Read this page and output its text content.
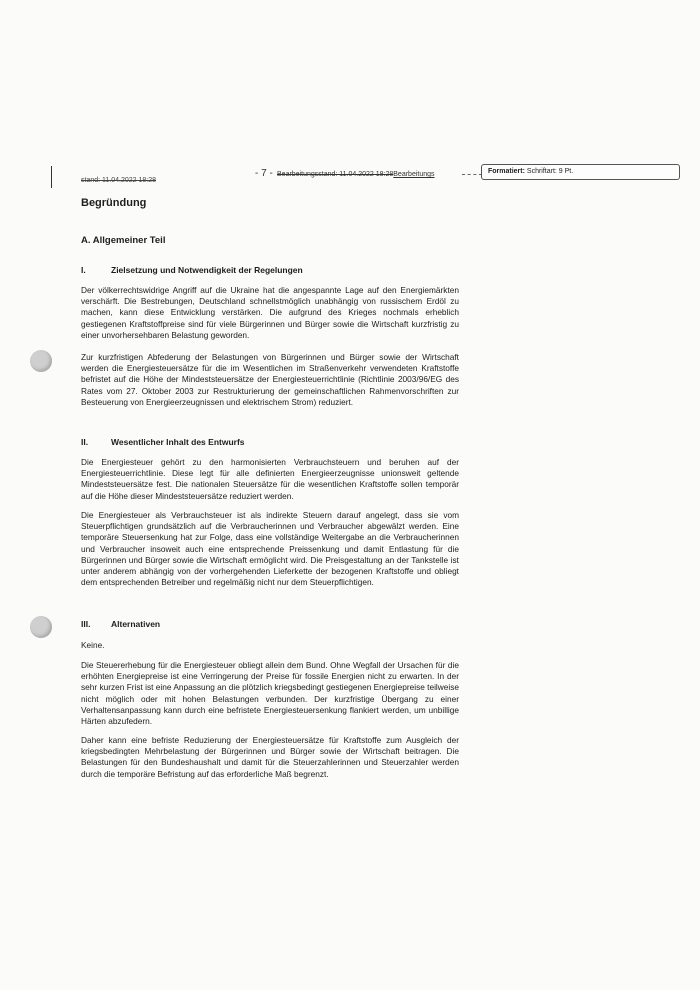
stand: 11.04.2022 18:28
- 7 - Bearbeitungsstand: 11.04.2022 18:28Bearbeitungs	Formatiert: Schriftart: 9 Pt.
Begründung
A. Allgemeiner Teil
I.	Zielsetzung und Notwendigkeit der Regelungen

Der völkerrechtswidrige Angriff auf die Ukraine hat die angespannte Lage auf den Energiemärkten verschärft. Die Bestrebungen, Deutschland schnellstmöglich unabhängig von russischem Erdöl zu machen, kann diese Entwicklung verstärken. Die aufgrund des Krieges nochmals erheblich gestiegenen Kraftstoffpreise sind für viele Bürgerinnen und Bürger sowie die Wirtschaft kurzfristig zu einer unvorhersehbaren Belastung geworden.

Zur kurzfristigen Abfederung der Belastungen von Bürgerinnen und Bürger sowie der Wirtschaft werden die Energiesteuersätze für die im Wesentlichen im Straßenverkehr verwendeten Kraftstoffe befristet auf die Höhe der Mindeststeuersätze der Energiesteuerrichtlinie (Richtlinie 2003/96/EG des Rates vom 27. Oktober 2003 zur Restrukturierung der gemeinschaftlichen Rahmenvorschriften zur Besteuerung von Energieerzeugnissen und elektrischem Strom) reduziert.

II.	Wesentlicher Inhalt des Entwurfs

Die Energiesteuer gehört zu den harmonisierten Verbrauchsteuern und beruhen auf der Energiesteuerrichtlinie. Diese legt für alle definierten Energieerzeugnisse unionsweit geltende Mindeststeuersätze fest. Die nationalen Steuersätze für die wesentlichen Kraftstoffe sollen temporär auf die Höhe dieser Mindeststeuersätze reduziert werden.

Die Energiesteuer als Verbrauchsteuer ist als indirekte Steuern darauf angelegt, dass sie vom Steuerpflichtigen grundsätzlich auf die Verbraucherinnen und Verbraucher abgewälzt werden. Eine temporäre Steuersenkung hat zur Folge, dass eine vollständige Weitergabe an die Verbraucherinnen und Verbraucher insoweit auch eine entsprechende Preissenkung und damit Entlastung für die Bürgerinnen und Bürger sowie die Wirtschaft ermöglicht wird. Die Preisgestaltung an der Tankstelle ist unter anderem abhängig von der vorhergehenden Lieferkette der bezogenen Kraftstoffe und obliegt dem entsprechenden Betreiber und regelmäßig nicht nur dem Steuerpflichtigen.

III. Alternativen

Keine.

Die Steuererhebung für die Energiesteuer obliegt allein dem Bund. Ohne Wegfall der Ursachen für die erhöhten Energiepreise ist eine Verringerung der Preise für fossile Energien nicht zu erwarten. In der sehr kurzen Frist ist eine Anpassung an die plötzlich kriegsbedingt gestiegenen Energiepreise teilweise nicht möglich oder mit hohen Belastungen verbunden. Der kurzfristige Übergang zu einer Verhaltensanpassung kann durch eine befristete Energiesteuersenkung flankiert werden, um unbillige Härten abzufedern.

Daher kann eine befriste Reduzierung der Energiesteuersätze für Kraftstoffe zum Ausgleich der kriegsbedingten Mehrbelastung der Bürgerinnen und Bürger sowie der Wirtschaft beitragen. Die Belastungen für den Bundeshaushalt und damit für die Steuerzahlerinnen und Steuerzahler werden durch die temporäre Befristung auf das erforderliche Maß begrenzt.
